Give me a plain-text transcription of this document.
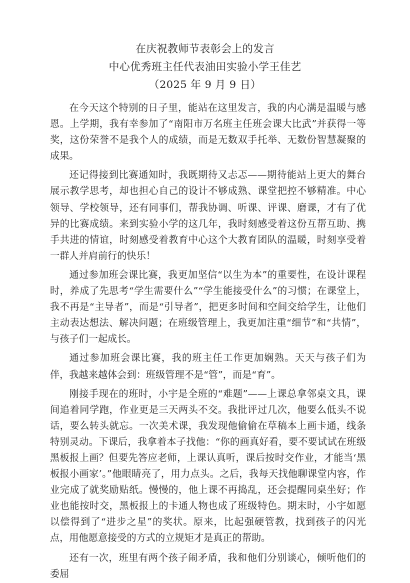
在庆祝教师节表彰会上的发言
中心优秀班主任代表油田实验小学王佳艺
（2025 年 9 月 9 日）

在今天这个特别的日子里，能站在这里发言，我的内心满是温暖与感恩。上学期，我有幸参加了“南阳市万名班主任班会课大比武”并获得一等奖，这份荣誉不是我个人的成绩，而是无数双手托举、无数份智慧凝聚的成果。

还记得接到比赛通知时，我既期待又忐忑——期待能站上更大的舞台展示教学思考，却也担心自己的设计不够成熟、课堂把控不够精准。中心领导、学校领导，还有同事们，帮我协调、听课、评课、磨课，才有了优异的比赛成绩。来到实验小学的这几年，我时刻感受着这份互帮互助、携手共进的情谊，时刻感受着教育中心这个大教育团队的温暖，时刻享受着一群人并肩前行的快乐！

通过参加班会课比赛，我更加坚信“以生为本”的重要性，在设计课程时，养成了先思考“学生需要什么”“学生能接受什么”的习惯；在课堂上，我不再是“主导者”，而是“引导者”，把更多时间和空间交给学生，让他们主动表达想法、解决问题；在班级管理上，我更加注重“细节”和“共情”，与孩子们一起成长。

通过参加班会课比赛，我的班主任工作更加娴熟。天天与孩子们为伴，我越来越体会到：班级管理不是“管”，而是“育”。

刚接手现在的班时，小宇是全班的“难题”——上课总拿邻桌文具，课间追着同学跑，作业更是三天两头不交。我批评过几次，他要么低头不说话，要么转头就忘。一次美术课，我发现他偷偷在草稿本上画卡通，线条特别灵动。下课后，我拿着本子找他：“你的画真好看，要不要试试在班级黑板报上画？但要先答应老师，上课认真听，课后按时交作业，才能当‘黑板报小画家’。”他眼睛亮了，用力点头。之后，我每天找他聊课堂内容，作业完成了就奖励贴纸。慢慢的，他上课不再捣乱，还会提醒同桌坐好；作业也能按时交，黑板报上的卡通人物也成了班级特色。期末时，小宇如愿以偿得到了“进步之星”的奖状。原来，比起强硬管教，找到孩子的闪光点，用他愿意接受的方式的立规矩才是真正的帮助。

还有一次，班里有两个孩子闹矛盾，我和他们分别谈心，倾听他们的委屈
